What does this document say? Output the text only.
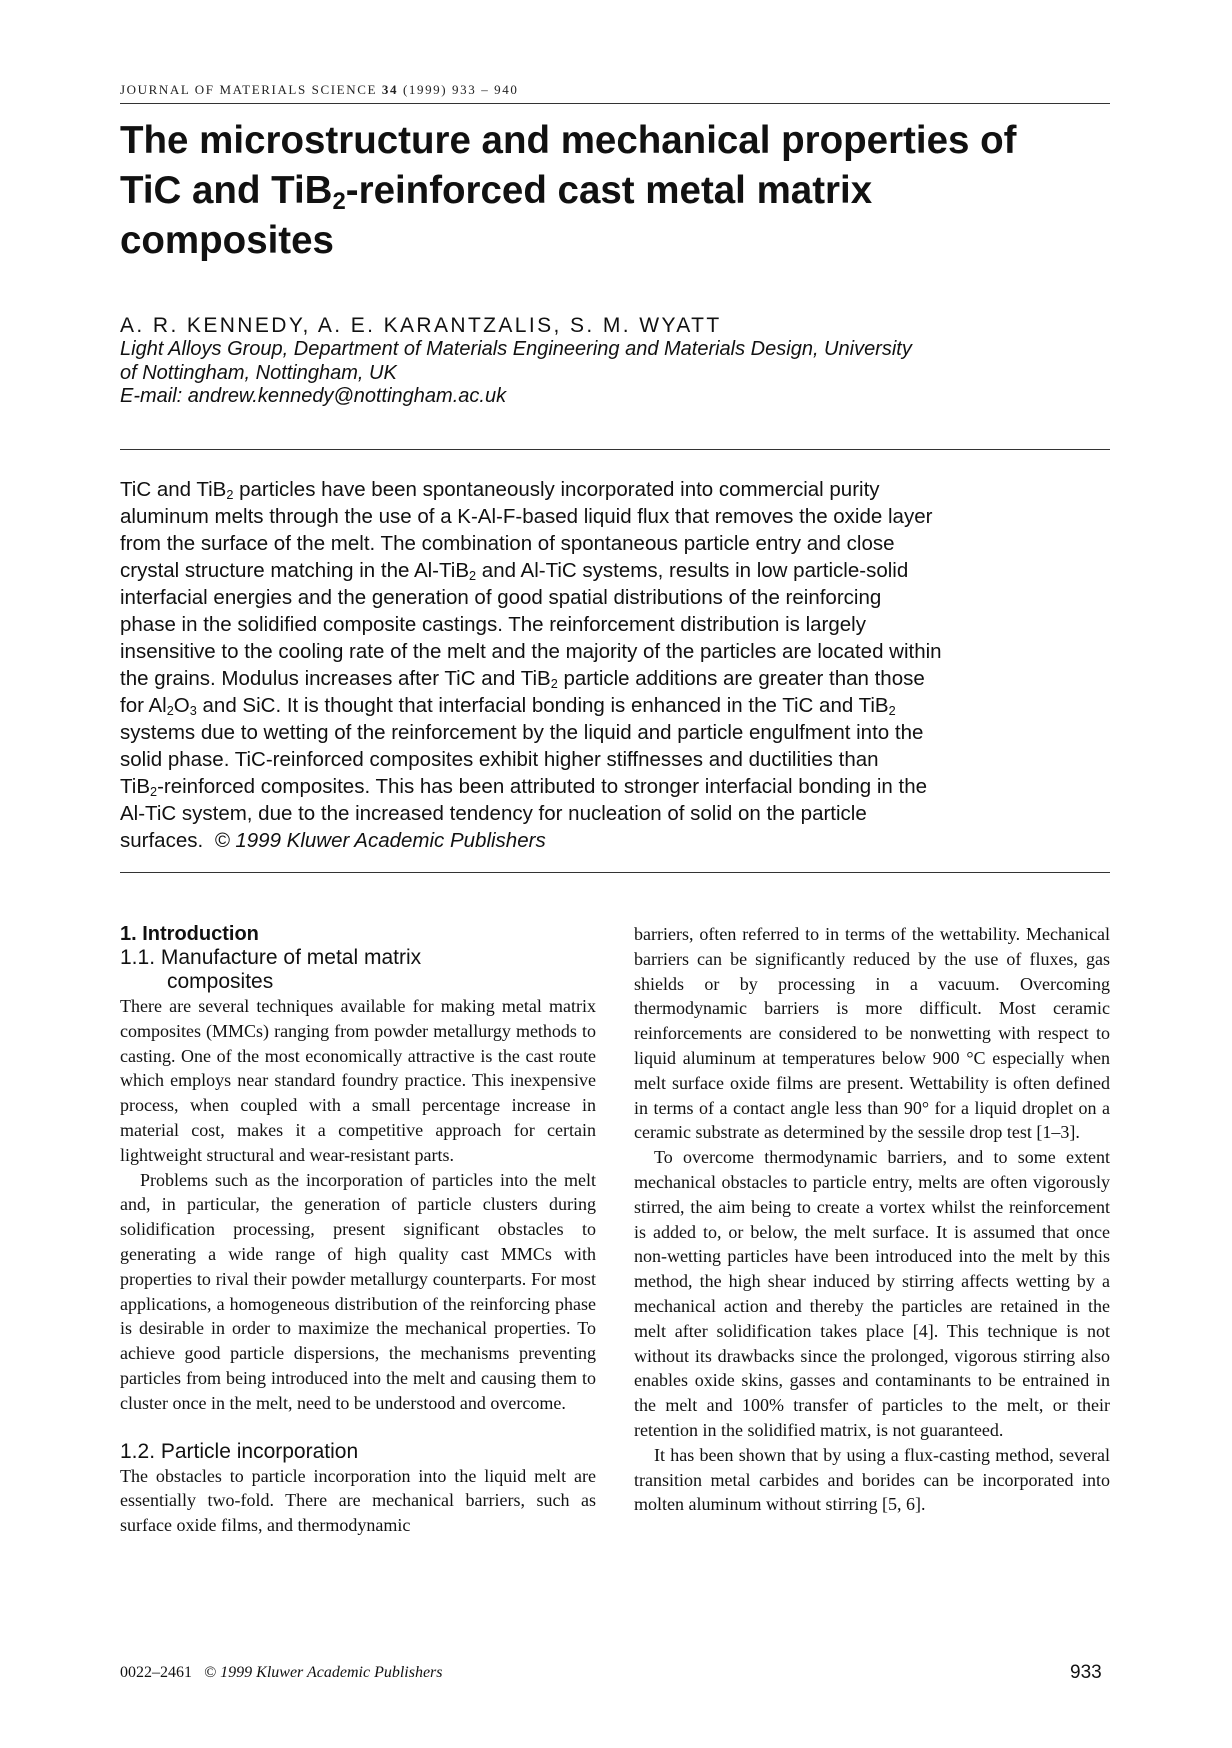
JOURNAL OF MATERIALS SCIENCE 34 (1999) 933 – 940
The microstructure and mechanical properties of
TiC and TiB$_2$-reinforced cast metal matrix
composites
A. R. KENNEDY, A. E. KARANTZALIS, S. M. WYATT
Light Alloys Group, Department of Materials Engineering and Materials Design, University
of Nottingham, Nottingham, UK
E-mail: andrew.kennedy@nottingham.ac.uk
TiC and TiB$_2$ particles have been spontaneously incorporated into commercial purity
aluminum melts through the use of a K-Al-F-based liquid flux that removes the oxide layer
from the surface of the melt. The combination of spontaneous particle entry and close
crystal structure matching in the Al-TiB$_2$ and Al-TiC systems, results in low particle-solid
interfacial energies and the generation of good spatial distributions of the reinforcing
phase in the solidified composite castings. The reinforcement distribution is largely
insensitive to the cooling rate of the melt and the majority of the particles are located within
the grains. Modulus increases after TiC and TiB$_2$ particle additions are greater than those
for $Al_2O_3$ and SiC. It is thought that interfacial bonding is enhanced in the TiC and TiB$_2$
systems due to wetting of the reinforcement by the liquid and particle engulfment into the
solid phase. TiC-reinforced composites exhibit higher stiffnesses and ductilities than
TiB$_2$-reinforced composites. This has been attributed to stronger interfacial bonding in the
Al-TiC system, due to the increased tendency for nucleation of solid on the particle
surfaces. © 1999 Kluwer Academic Publishers
1. Introduction
1.1. Manufacture of metal matrix
composites

There are several techniques available for making metal matrix composites (MMCs) ranging from powder metallurgy methods to casting. One of the most economically attractive is the cast route which employs near standard foundry practice. This inexpensive process, when coupled with a small percentage increase in material cost, makes it a competitive approach for certain lightweight structural and wear-resistant parts.

Problems such as the incorporation of particles into the melt and, in particular, the generation of particle clusters during solidification processing, present significant obstacles to generating a wide range of high quality cast MMCs with properties to rival their powder metallurgy counterparts. For most applications, a homogeneous distribution of the reinforcing phase is desirable in order to maximize the mechanical properties. To achieve good particle dispersions, the mechanisms preventing particles from being introduced into the melt and causing them to cluster once in the melt, need to be understood and overcome.

1.2. Particle incorporation

The obstacles to particle incorporation into the liquid melt are essentially two-fold. There are mechanical barriers, such as surface oxide films, and thermodynamic

barriers, often referred to in terms of the wettability. Mechanical barriers can be significantly reduced by the use of fluxes, gas shields or by processing in a vacuum. Overcoming thermodynamic barriers is more difficult. Most ceramic reinforcements are considered to be nonwetting with respect to liquid aluminum at temperatures below 900 °C especially when melt surface oxide films are present. Wettability is often defined in terms of a contact angle less than 90° for a liquid droplet on a ceramic substrate as determined by the sessile drop test [1–3].

To overcome thermodynamic barriers, and to some extent mechanical obstacles to particle entry, melts are often vigorously stirred, the aim being to create a vortex whilst the reinforcement is added to, or below, the melt surface. It is assumed that once non-wetting particles have been introduced into the melt by this method, the high shear induced by stirring affects wetting by a mechanical action and thereby the particles are retained in the melt after solidification takes place [4]. This technique is not without its drawbacks since the prolonged, vigorous stirring also enables oxide skins, gasses and contaminants to be entrained in the melt and 100% transfer of particles to the melt, or their retention in the solidified matrix, is not guaranteed.

It has been shown that by using a flux-casting method, several transition metal carbides and borides can be incorporated into molten aluminum without stirring [5, 6].

0022–2461 © 1999 Kluwer Academic Publishers	933
